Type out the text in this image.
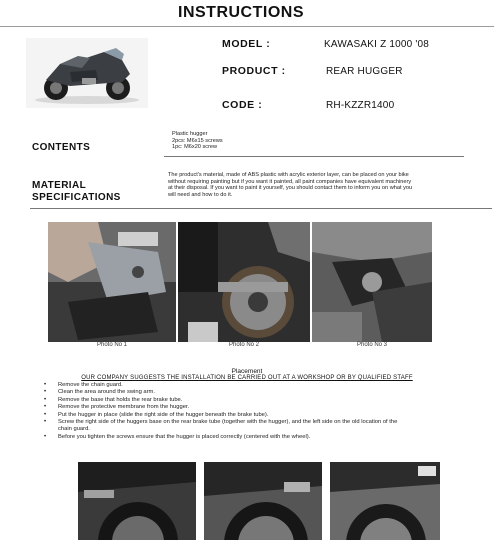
INSTRUCTIONS
MODEL :	KAWASAKI Z 1000 '08
PRODUCT :	REAR HUGGER
CODE :	RH-KZZR1400
CONTENTS
Plastic hugger
2pcs: M6x15 screws
1pc: M6x20 screw
MATERIAL
SPECIFICATIONS
The product's material, made of ABS plastic with acrylic exterior layer, can be placed on your bike
without requiring painting but if you want it painted, all paint companies have equivalent machinery
at their disposal. If you want to paint it yourself, you should contact them to inform you on what you
will need and how to do it.
Photo No 1	Photo No 2	Photo No 3
Placement
OUR COMPANY SUGGESTS THE INSTALLATION BE CARRIED OUT AT A WORKSHOP OR BY QUALIFIED STAFF
• Remove the chain guard.
• Clean the area around the swing arm.
• Remove the base that holds the rear brake tube.
• Remove the protective membrane from the hugger.
• Put the hugger in place (slide the right side of the hugger beneath the brake tube).
• Screw the right side of the huggers base on the rear brake tube (together with the hugger), and the left side on the old location of the
chain guard.
• Before you tighten the screws ensure that the hugger is placed correctly (centered with the wheel).
